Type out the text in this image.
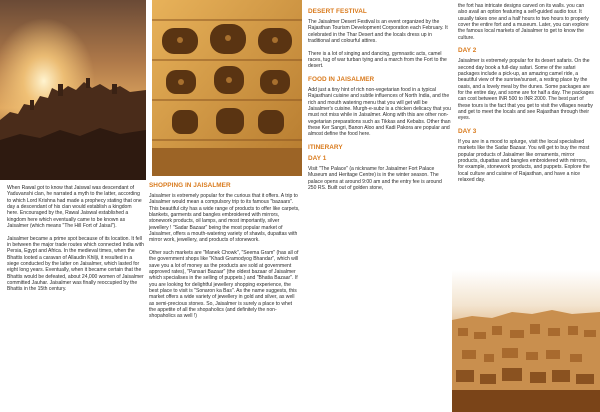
When Rawal got to know that Jaiswal was descendant of Yaduvanshi clan, he narrated a myth to the latter, according to which Lord Krishna had made a prophecy stating that one day a descendant of his clan would establish a kingdom here. Encouraged by the, Rawal Jaiswal established a kingdom here which eventually came to be known as Jaisalmer (which means "The Hill Fort of Jaisal").

Jaisalmer became a prime spot because of its location. It fell in between the major trade routes which connected India with Persia, Egypt and Africa. In the medieval times, when the Bhattis looted a caravan of Allaudin Khilji, it resulted in a siege conducted by the latter on Jaisalmer, which lasted for eight long years. Eventually, when it became certain that the Bhattis would be defeated, about 24,000 women of Jaisalmer committed Jauhar. Jaisalmer was finally reoccupied by the Bhattis in the 15th century.

SHOPPING IN JAISALMER

Jaisalmer is extremely popular for the curious that it offers. A trip to Jaisalmer would mean a compulsory trip to its famous "bazaars". This beautiful city has a wide range of products to offer like carpets, blankets, garments and bangles embroidered with mirrors, stonework products, oil lamps, and most importantly, silver jewellery ! "Sadar Bazaar" being the most popular market of Jaisalmer, offers a mouth-watering variety of shawls, dupattas with mirror work, jewellery, and products of stonework.

Other such markets are "Manek Chowk", "Seema Gram" (has all of the government shops like "Khadi Gramodyog Bhandar", which will save you a lot of money as the products are sold at government approved rates), "Pansari Bazaar" (the oldest bazaar of Jaisalmer which specialises in the selling of puppets.) and "Bhatia Bazaar". If you are looking for delightful jewellery shopping experience, the best place to visit is "Sonaron ka Bas". As the name suggests, this market offers a wide variety of jewellery in gold and silver, as well as semi-precious stones. So, Jaisalmer is surely a place to whet the appetite of all the shopaholics (and definitely the non-shopaholics as well !)

DESERT FESTIVAL

The Jaisalmer Desert Festival is an event organized by the Rajasthan Tourism Development Corporation each February. It celebrated in the Thar Desert and the locals dress up in traditional and colourful attires.

There is a lot of singing and dancing, gymnastic acts, camel races, tug of war turban tying and a march from the Fort to the desert.

FOOD IN JAISALMER

Add just a tiny hint of rich non-vegetarian food in a typical Rajasthani cuisine and subtle influences of North India, and the rich and mouth watering menu that you will get will be Jaisalmer's cuisine. Murgh-e-subz is a chicken delicacy that you must not miss while in Jaisalmer. Along with this are other non-vegetarian preparations such as Tikkas and Kebabs. Other than these Ker Sangri, Banon Aloo and Kadi Pakora are popular and almost define the food here.

ITINERARY
DAY 1

Visit "The Palace" (a nickname for Jaisalmer Fort Palace Museum and Heritage Centre) is in the winter season. The palace opens at around 9:00 am and the entry fee is around 250 RS. Built out of golden stone,

the fort has intricate designs carved on its walls. you can also avail an option featuring a self-guided audio tour. It usually takes one and a half hours to two hours to properly cover the entire fort and a museum. Later, you can explore the famous local markets of Jaisalmer to get to know the culture.

DAY 2

Jaisalmer is extremely popular for its desert safaris. On the second day book a full-day safari. Some of the safari packages include a pick-up, an amazing camel ride, a beautiful view of the sunrise/sunset, a resting place by the oasis, and a lovely meal by the dunes. Some packages are for the entire day, and some are for half a day. The packages can cost between INR 500 to INR 2000. The best part of these tours is the fact that you get to visit the villages nearby and get to meet the locals and see Rajasthan through their eyes.

DAY 3

If you are in a mood to splurge, visit the local specialised markets like the Sadar Bazaar. You will get to buy the most popular products of Jaisalmer like ornaments, mirror products, dupattas and bangles embroidered with mirrors, for example, stonework products, and puppets. Explore the local culture and cuisine of Rajasthan, and have a nice relaxed day.
